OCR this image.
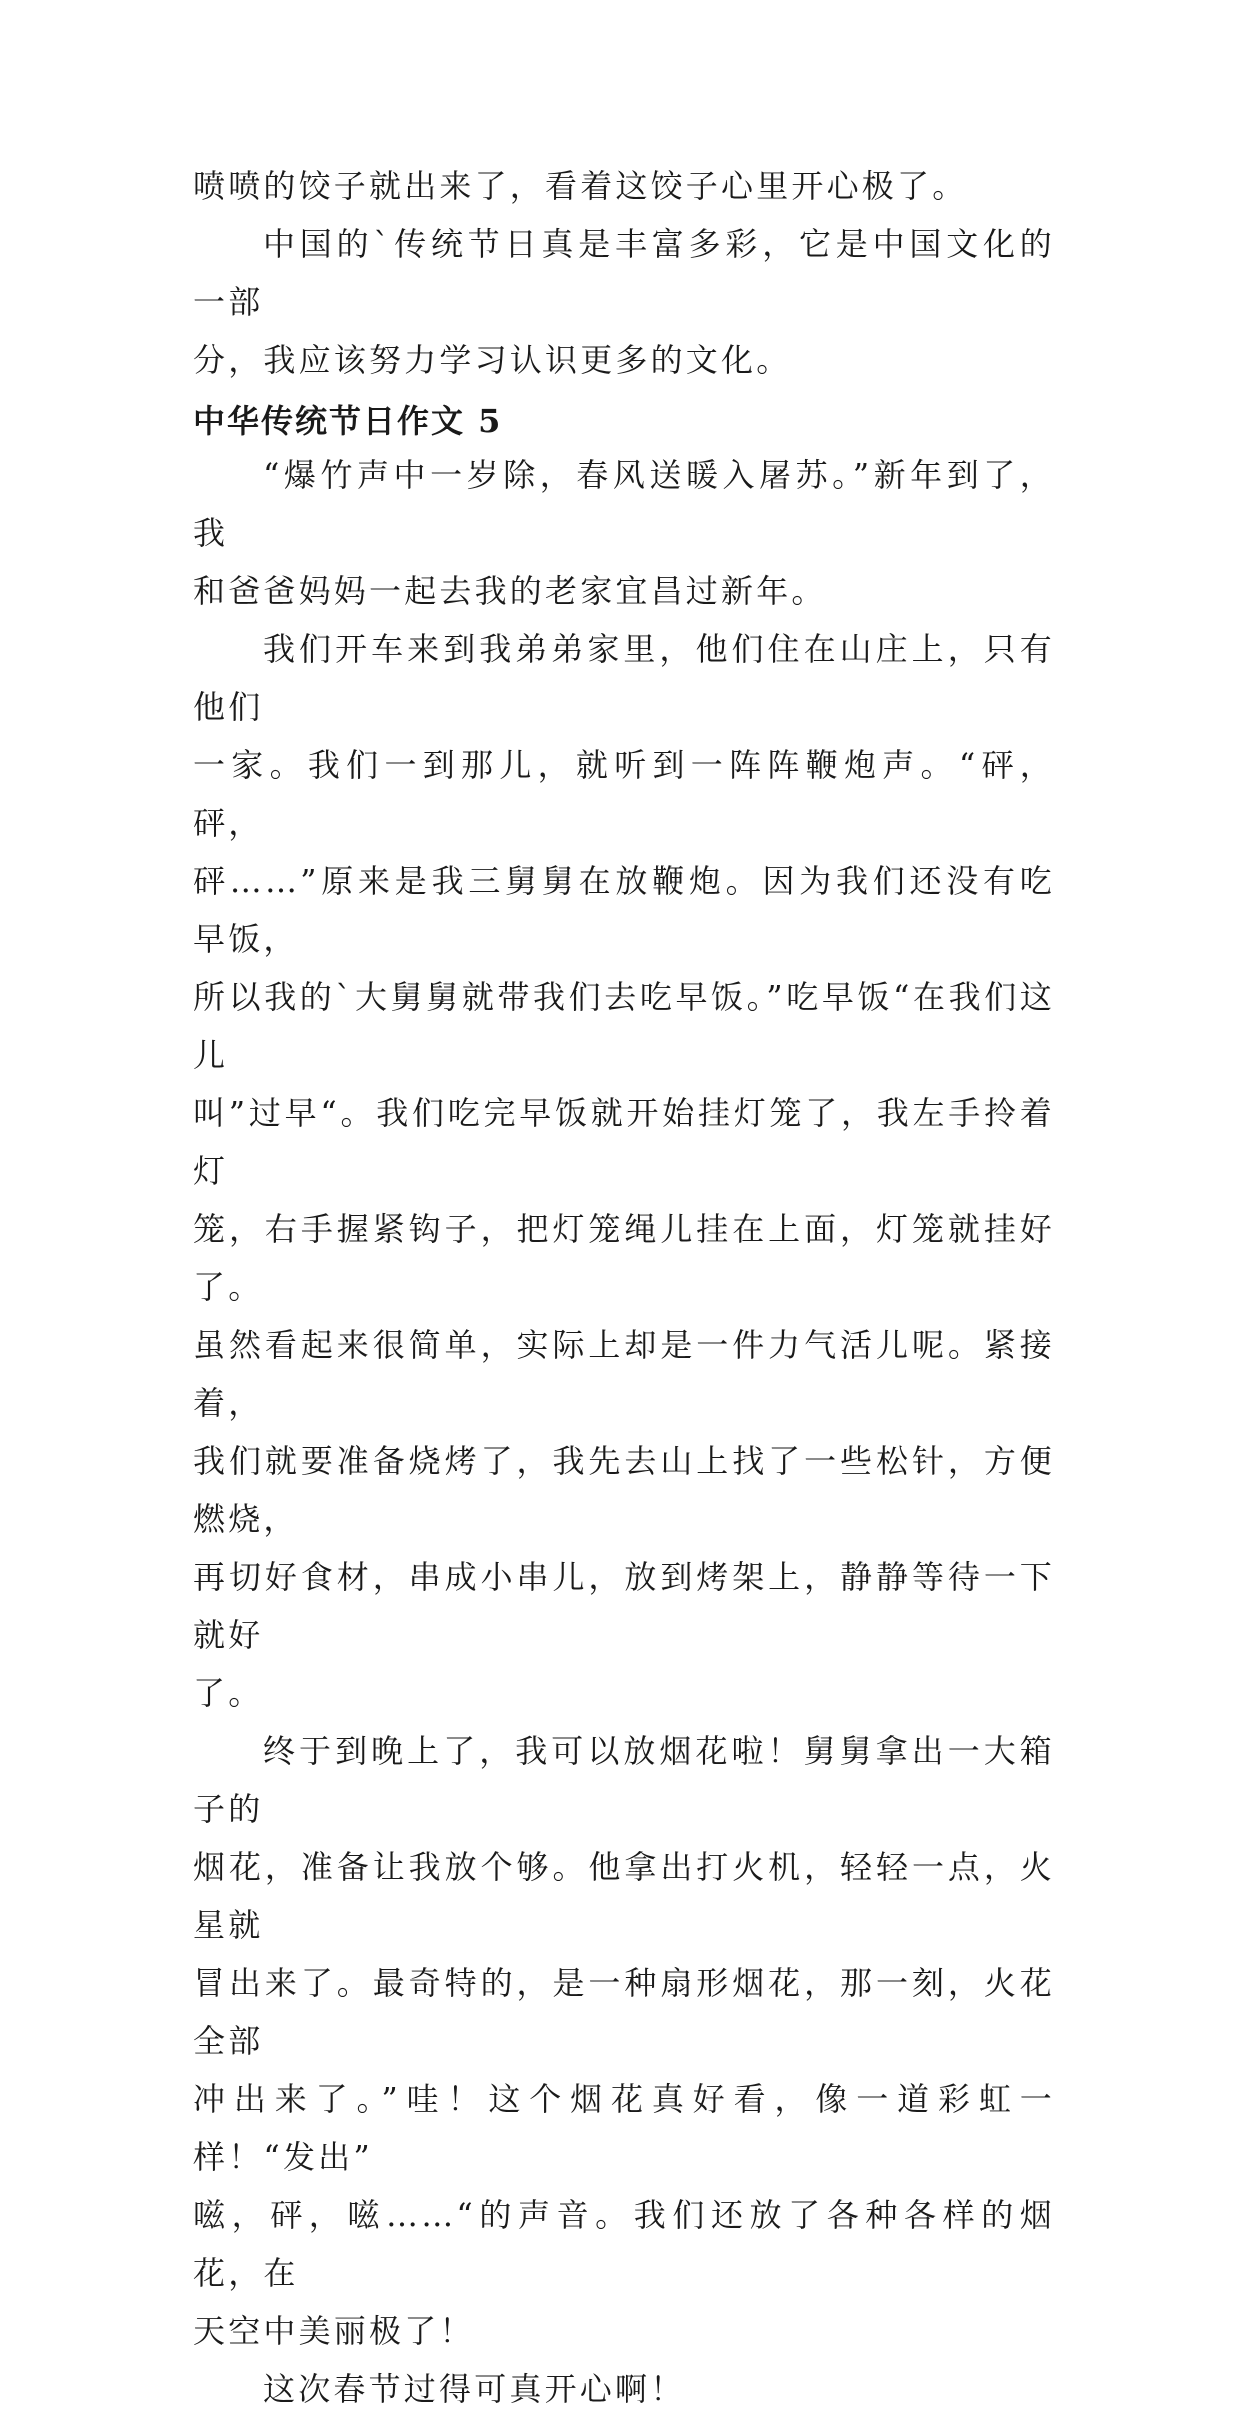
喷喷的饺子就出来了，看着这饺子心里开心极了。

中国的`传统节日真是丰富多彩，它是中国文化的一部
分，我应该努力学习认识更多的文化。

中华传统节日作文 5

“爆竹声中一岁除，春风送暖入屠苏。”新年到了，我
和爸爸妈妈一起去我的老家宜昌过新年。

我们开车来到我弟弟家里，他们住在山庄上，只有他们
一家。我们一到那儿，就听到一阵阵鞭炮声。“砰，砰，
砰……”原来是我三舅舅在放鞭炮。因为我们还没有吃早饭，
所以我的`大舅舅就带我们去吃早饭。”吃早饭“在我们这儿
叫”过早“。我们吃完早饭就开始挂灯笼了，我左手拎着灯
笼，右手握紧钩子，把灯笼绳儿挂在上面，灯笼就挂好了。
虽然看起来很简单，实际上却是一件力气活儿呢。紧接着，
我们就要准备烧烤了，我先去山上找了一些松针，方便燃烧，
再切好食材，串成小串儿，放到烤架上，静静等待一下就好
了。

终于到晚上了，我可以放烟花啦！舅舅拿出一大箱子的
烟花，准备让我放个够。他拿出打火机，轻轻一点，火星就
冒出来了。最奇特的，是一种扇形烟花，那一刻，火花全部
冲出来了。”哇！这个烟花真好看，像一道彩虹一样！“发出”
嗞，砰，嗞……“的声音。我们还放了各种各样的烟花，在
天空中美丽极了！

这次春节过得可真开心啊！
